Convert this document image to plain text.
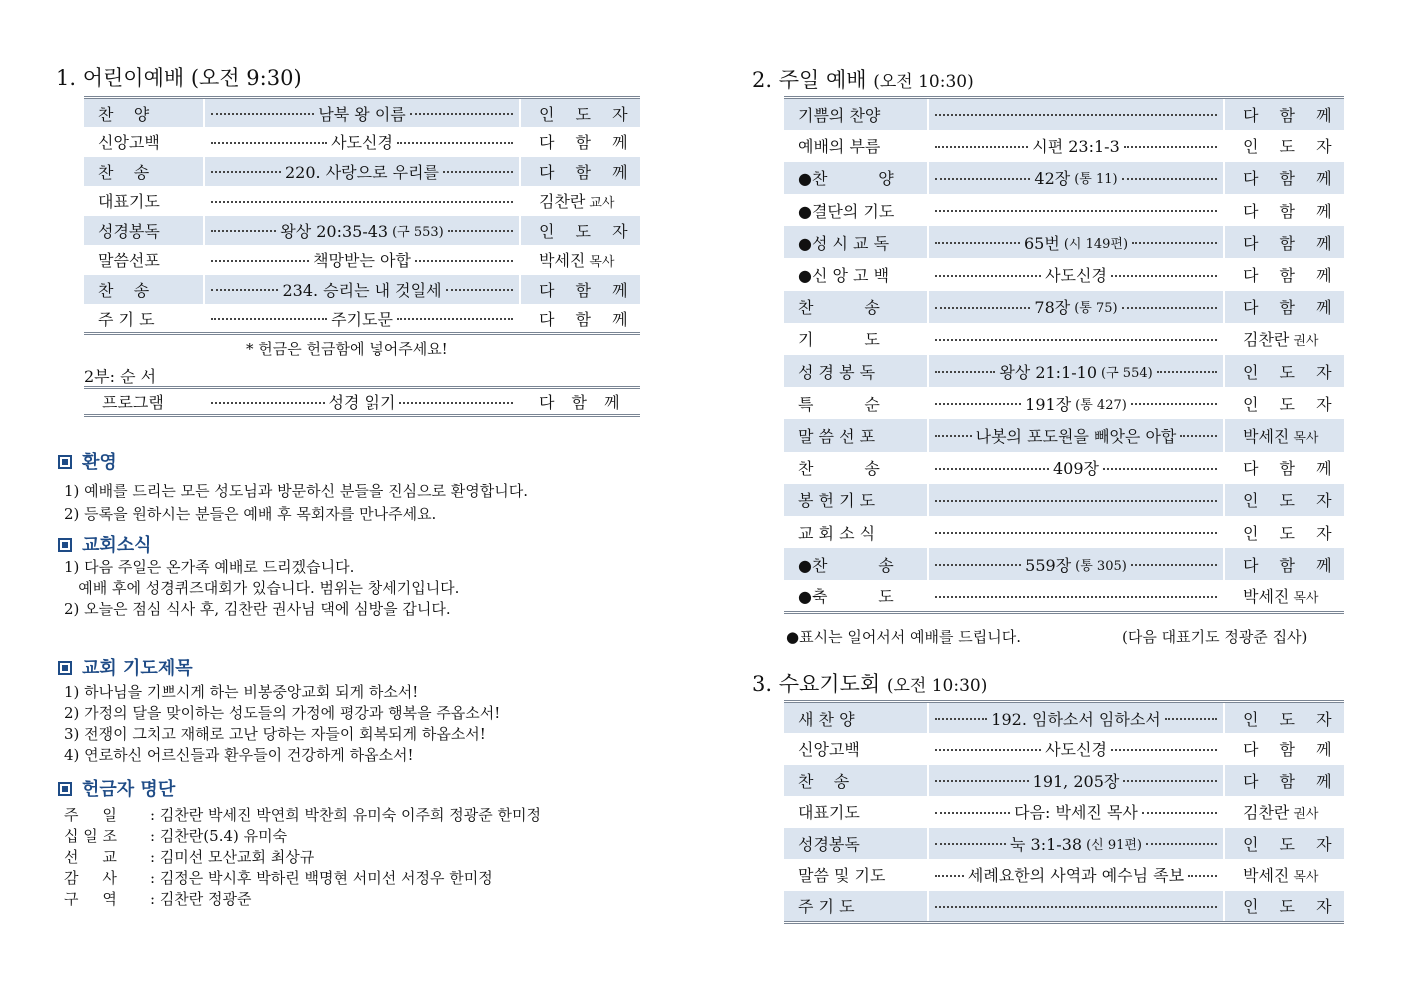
1. 어린이예배 (오전 9:30)
찬    양	남북 왕 이름	인 도 자
신앙고백	사도신경	다 함 께
찬    송	220. 사랑으로 우리를	다 함 께
대표기도		김찬란 교사
성경봉독	왕상 20:35-43 (구 553)	인 도 자
말씀선포	책망받는 아합	박세진 목사
찬    송	234. 승리는 내 것일세	다 함 께
주 기 도	주기도문	다 함 께
* 헌금은 헌금함에 넣어주세요!
2부: 순 서
프로그램	성경 읽기	다 함 께
환영
1) 예배를 드리는 모든 성도님과 방문하신 분들을 진심으로 환영합니다.
2) 등록을 원하시는 분들은 예배 후 목회자를 만나주세요.
교회소식
1) 다음 주일은 온가족 예배로 드리겠습니다.
예배 후에 성경퀴즈대회가 있습니다. 범위는 창세기입니다.
2) 오늘은 점심 식사 후, 김찬란 권사님 댁에 심방을 갑니다.
교회 기도제목
1) 하나님을 기쁘시게 하는 비봉중앙교회 되게 하소서!
2) 가정의 달을 맞이하는 성도들의 가정에 평강과 행복을 주옵소서!
3) 전쟁이 그치고 재해로 고난 당하는 자들이 회복되게 하옵소서!
4) 연로하신 어르신들과 환우들이 건강하게 하옵소서!
헌금자 명단
주     일	: 김찬란 박세진 박연희 박찬희 유미숙 이주희 정광준 한미정
십 일 조	: 김찬란(5.4) 유미숙
선     교	: 김미선 모산교회 최상규
감     사	: 김정은 박시후 박하린 백명현 서미선 서정우 한미정
구     역	: 김찬란 정광준
2. 주일 예배 (오전 10:30)
기쁨의 찬양		다 함 께
예배의 부름	시편 23:1-3	인 도 자
●찬          양	42장 (통 11)	다 함 께
●결단의 기도		다 함 께
●성 시 교 독	65번 (시 149편)	다 함 께
●신 앙 고 백	사도신경	다 함 께
찬          송	78장 (통 75)	다 함 께
기          도		김찬란 권사
성 경 봉 독	왕상 21:1-10 (구 554)	인 도 자
특          순	191장 (통 427)	인 도 자
말 씀 선 포	나봇의 포도원을 빼앗은 아합	박세진 목사
찬          송	409장	다 함 께
봉 헌 기 도		인 도 자
교 회 소 식		인 도 자
●찬          송	559장 (통 305)	다 함 께
●축          도		박세진 목사
●표시는 일어서서 예배를 드립니다.	(다음 대표기도 정광준 집사)
3. 수요기도회 (오전 10:30)
새 찬 양	192. 임하소서 임하소서	인 도 자
신앙고백	사도신경	다 함 께
찬    송	191, 205장	다 함 께
대표기도	다음: 박세진 목사	김찬란 권사
성경봉독	눅 3:1-38 (신 91편)	인 도 자
말씀 및 기도	세례요한의 사역과 예수님 족보	박세진 목사
주 기 도		인 도 자
